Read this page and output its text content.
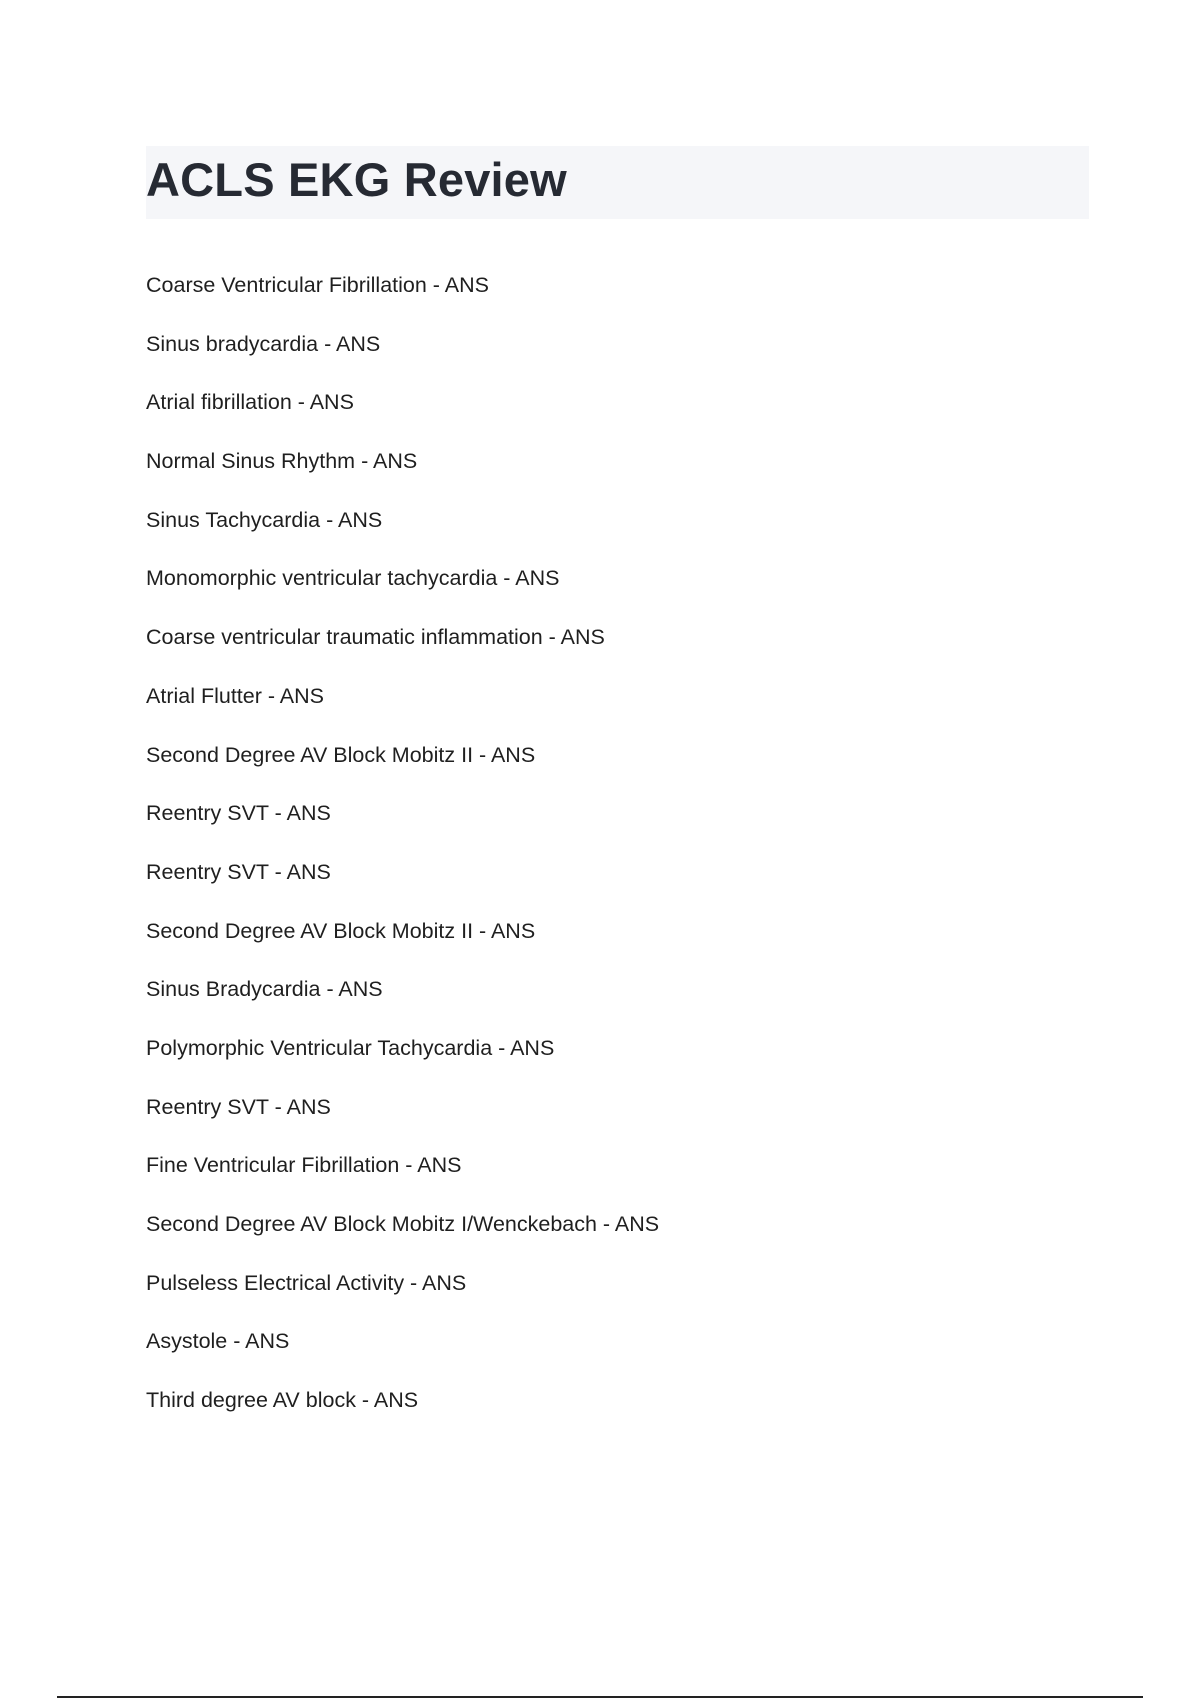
ACLS EKG Review
Coarse Ventricular Fibrillation - ANS
Sinus bradycardia - ANS
Atrial fibrillation - ANS
Normal Sinus Rhythm - ANS
Sinus Tachycardia - ANS
Monomorphic ventricular tachycardia - ANS
Coarse ventricular traumatic inflammation - ANS
Atrial Flutter - ANS
Second Degree AV Block Mobitz II - ANS
Reentry SVT - ANS
Reentry SVT - ANS
Second Degree AV Block Mobitz II - ANS
Sinus Bradycardia - ANS
Polymorphic Ventricular Tachycardia - ANS
Reentry SVT - ANS
Fine Ventricular Fibrillation - ANS
Second Degree AV Block Mobitz I/Wenckebach - ANS
Pulseless Electrical Activity - ANS
Asystole - ANS
Third degree AV block - ANS
